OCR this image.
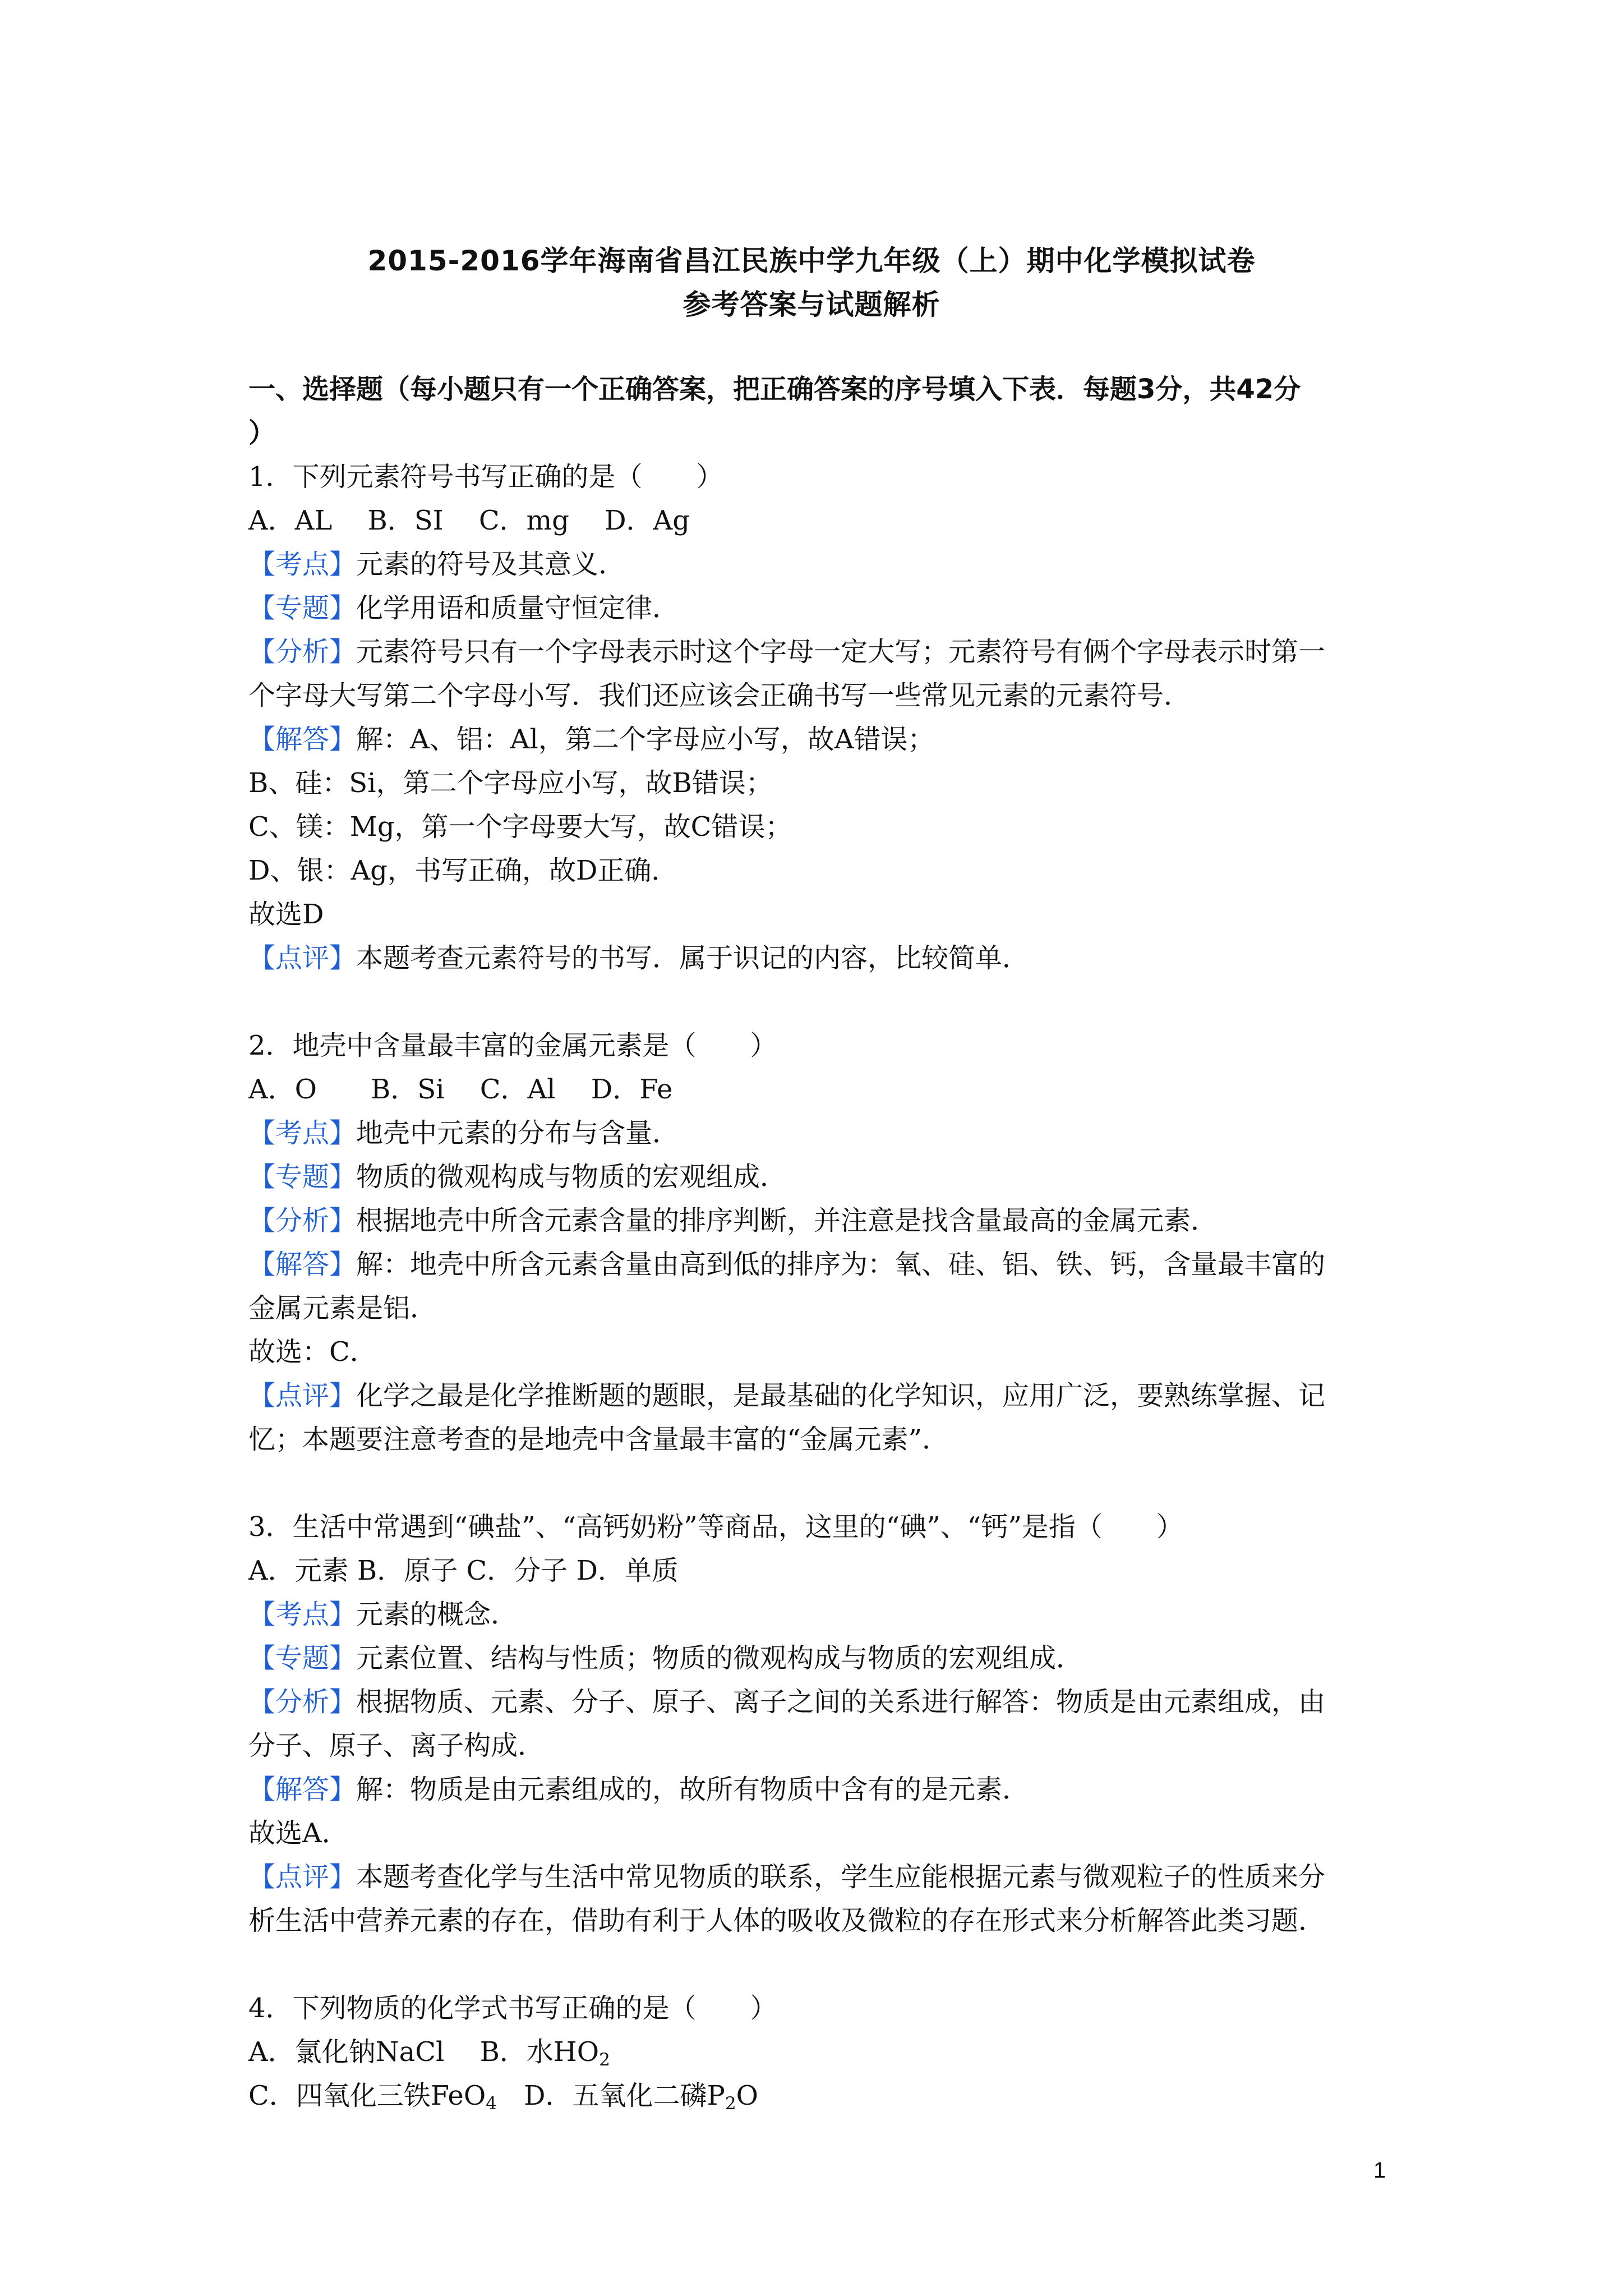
2015-2016学年海南省昌江民族中学九年级（上）期中化学模拟试卷
参考答案与试题解析
一、选择题（每小题只有一个正确答案，把正确答案的序号填入下表．每题3分，共42分
）
1．下列元素符号书写正确的是（　　）
A．AL　 B．SI　 C．mg　 D．Ag
【考点】元素的符号及其意义．
【专题】化学用语和质量守恒定律．
【分析】元素符号只有一个字母表示时这个字母一定大写；元素符号有俩个字母表示时第一
个字母大写第二个字母小写．我们还应该会正确书写一些常见元素的元素符号．
【解答】解：A、铝：Al，第二个字母应小写，故A错误；
B、硅：Si，第二个字母应小写，故B错误；
C、镁：Mg，第一个字母要大写，故C错误；
D、银：Ag，书写正确，故D正确．
故选D
【点评】本题考查元素符号的书写．属于识记的内容，比较简单．
2．地壳中含量最丰富的金属元素是（　　）
A．O　　B．Si　 C．Al　 D．Fe
【考点】地壳中元素的分布与含量．
【专题】物质的微观构成与物质的宏观组成．
【分析】根据地壳中所含元素含量的排序判断，并注意是找含量最高的金属元素．
【解答】解：地壳中所含元素含量由高到低的排序为：氧、硅、铝、铁、钙，含量最丰富的
金属元素是铝．
故选：C．
【点评】化学之最是化学推断题的题眼，是最基础的化学知识，应用广泛，要熟练掌握、记
忆；本题要注意考查的是地壳中含量最丰富的“金属元素”．
3．生活中常遇到“碘盐”、“高钙奶粉”等商品，这里的“碘”、“钙”是指（　　）
A．元素 B．原子 C．分子 D．单质
【考点】元素的概念．
【专题】元素位置、结构与性质；物质的微观构成与物质的宏观组成．
【分析】根据物质、元素、分子、原子、离子之间的关系进行解答：物质是由元素组成，由
分子、原子、离子构成．
【解答】解：物质是由元素组成的，故所有物质中含有的是元素．
故选A．
【点评】本题考查化学与生活中常见物质的联系，学生应能根据元素与微观粒子的性质来分
析生活中营养元素的存在，借助有利于人体的吸收及微粒的存在形式来分析解答此类习题．
4．下列物质的化学式书写正确的是（　　）
A．氯化钠NaCl　 B．水$HO_2$
C．四氧化三铁FeO$_4$　D．五氧化二磷$P_2O$
1
